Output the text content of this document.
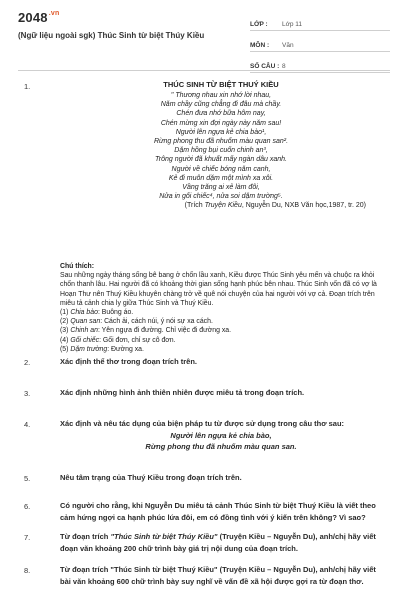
$2048^{.vn}$
(Ngữ liệu ngoài sgk) Thúc Sinh từ biệt Thúy Kiều
LỚP :	Lớp 11
MÔN :	Văn
SỐ CÂU : 8
1.	THÚC SINH TỪ BIỆT THUÝ KIỀU
" Thương nhau xin nhớ lời nhau,
Năm chầy cũng chẳng đi đâu mà chầy.
Chén đưa nhớ bữa hôm nay,
Chén mừng xin đợi ngày này năm sau!
Người lên ngựa kẻ chia bào¹,
Rừng phong thu đã nhuốm màu quan san².
Dặm hồng bụi cuốn chinh an³,
Trông người đã khuất mấy ngàn dâu xanh.
Người về chiếc bóng năm canh,
Kẻ đi muôn dặm một mình xa xôi.
Vầng trăng ai xẻ làm đôi,
Nửa in gối chiếc⁴, nửa soi dặm trường⁵.
(Trích Truyện Kiều, Nguyễn Du, NXB Văn học,1987, tr. 20)
Chú thích:
Sau những ngày tháng sống bê bang ở chốn lầu xanh, Kiều được Thúc Sinh yêu mến và chuộc ra khỏi chốn thanh lâu. Hai người đã có khoảng thời gian sống hạnh phúc bên nhau. Thúc Sinh vốn đã có vợ là Hoạn Thư nên Thuý Kiều khuyên chàng trở về quê nói chuyện của hai người với vợ cả. Đoạn trích trên miêu tả cảnh chia ly giữa Thúc Sinh và Thuý Kiều.
(1) Chia bào: Buông áo.
(2) Quan san: Cách ải, cách núi, ý nói sự xa cách.
(3) Chinh an: Yên ngựa đi đường. Chỉ việc đi đường xa.
(4) Gối chiếc: Gối đơn, chỉ sự cô đơn.
(5) Dặm trường: Đường xa.
2.	Xác định thể thơ trong đoạn trích trên.
3.	Xác định những hình ảnh thiên nhiên được miêu tả trong đoạn trích.
4.	Xác định và nêu tác dụng của biện pháp tu từ được sử dụng trong câu thơ sau:
Người lên ngựa kẻ chia bào,
Rừng phong thu đã nhuốm màu quan san.
5.	Nêu tâm trạng của Thuý Kiều trong đoạn trích trên.
6.	Có người cho rằng, khi Nguyễn Du miêu tả cảnh Thúc Sinh từ biệt Thuý Kiều là viết theo cảm hứng ngợi ca hạnh phúc lứa đôi, em có đồng tình với ý kiến trên không? Vì sao?
7.	Từ đoạn trích "Thúc Sinh từ biệt Thúy Kiều" (Truyện Kiều – Nguyễn Du), anh/chị hãy viết đoạn văn khoảng 200 chữ trình bày giá trị nội dung của đoạn trích.
8.	Từ đoạn trích "Thúc Sinh từ biệt Thuý Kiều" (Truyện Kiều – Nguyễn Du), anh/chị hãy viết bài văn khoảng 600 chữ trình bày suy nghĩ về vấn đề xã hội được gợi ra từ đoạn thơ.
